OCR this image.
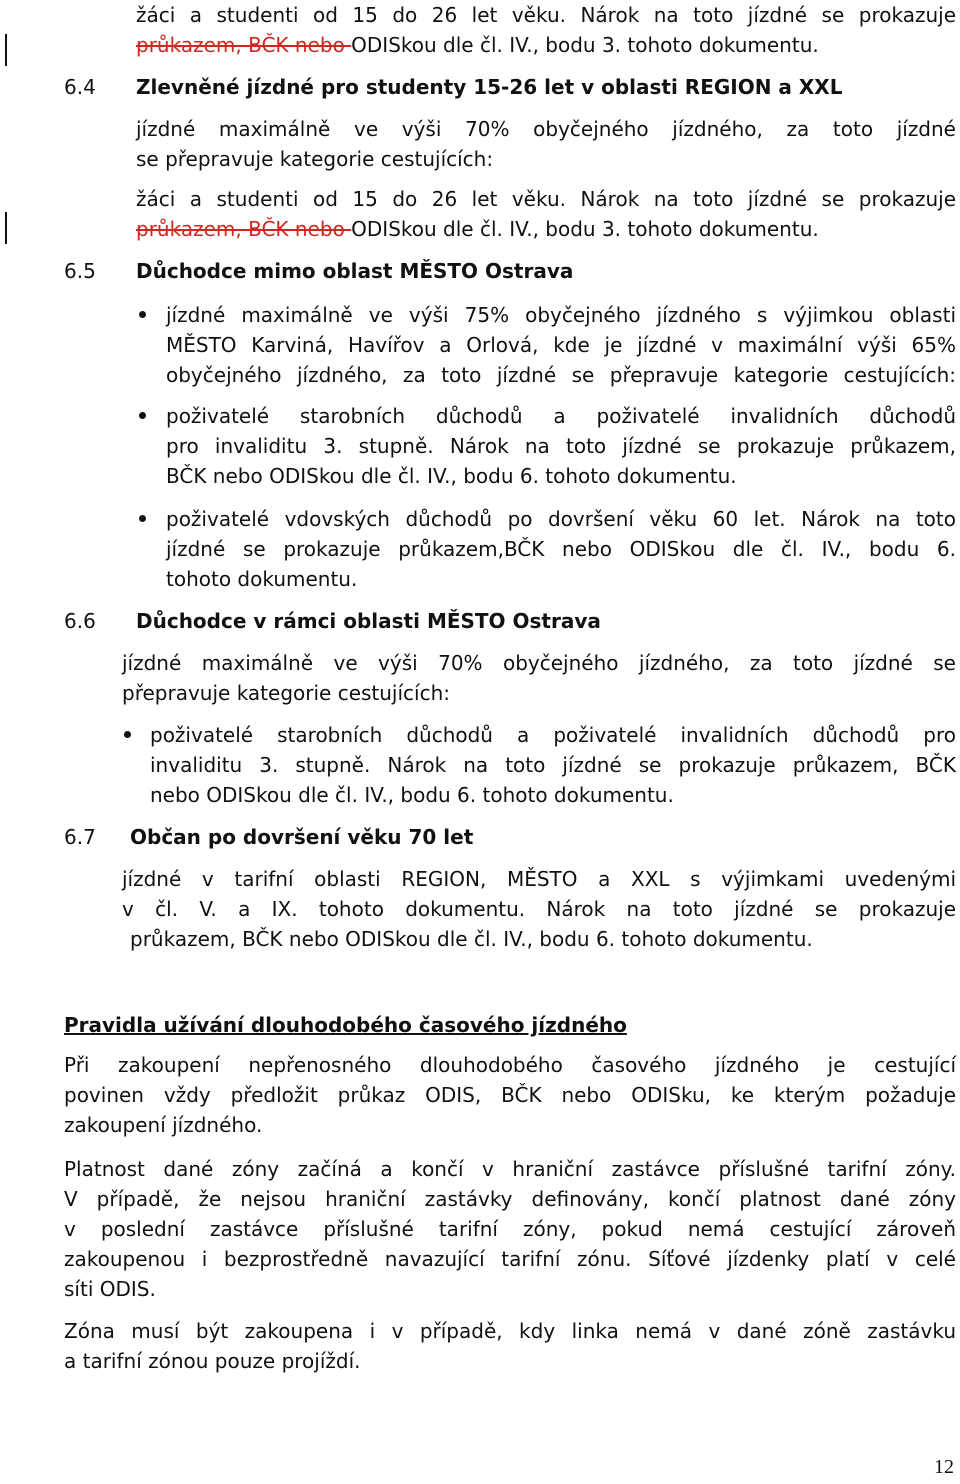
žáci a studenti od 15 do 26 let věku. Nárok na toto jízdné se prokazuje
průkazem, BČK nebo ODISkou dle čl. IV., bodu 3. tohoto dokumentu.
6.4 Zlevněné jízdné pro studenty 15-26 let v oblasti REGION a XXL
jízdné maximálně ve výši 70% obyčejného jízdného, za toto jízdné
se přepravuje kategorie cestujících:
žáci a studenti od 15 do 26 let věku. Nárok na toto jízdné se prokazuje
průkazem, BČK nebo ODISkou dle čl. IV., bodu 3. tohoto dokumentu.
6.5 Důchodce mimo oblast MĚSTO Ostrava
jízdné maximálně ve výši 75% obyčejného jízdného s výjimkou oblasti
MĚSTO Karviná, Havířov a Orlová, kde je jízdné v maximální výši 65%
obyčejného jízdného, za toto jízdné se přepravuje kategorie cestujících:
poživatelé starobních důchodů a poživatelé invalidních důchodů
pro invaliditu 3. stupně. Nárok na toto jízdné se prokazuje průkazem,
BČK nebo ODISkou dle čl. IV., bodu 6. tohoto dokumentu.
poživatelé vdovských důchodů po dovršení věku 60 let. Nárok na toto
jízdné se prokazuje průkazem,BČK nebo ODISkou dle čl. IV., bodu 6.
tohoto dokumentu.
6.6 Důchodce v rámci oblasti MĚSTO Ostrava
jízdné maximálně ve výši 70% obyčejného jízdného, za toto jízdné se
přepravuje kategorie cestujících:
poživatelé starobních důchodů a poživatelé invalidních důchodů pro
invaliditu 3. stupně. Nárok na toto jízdné se prokazuje průkazem, BČK
nebo ODISkou dle čl. IV., bodu 6. tohoto dokumentu.
6.7 Občan po dovršení věku 70 let
jízdné v tarifní oblasti REGION, MĚSTO a XXL s výjimkami uvedenými
v čl. V. a IX. tohoto dokumentu. Nárok na toto jízdné se prokazuje
průkazem, BČK nebo ODISkou dle čl. IV., bodu 6. tohoto dokumentu.
Pravidla užívání dlouhodobého časového jízdného
Při zakoupení nepřenosného dlouhodobého časového jízdného je cestující
povinen vždy předložit průkaz ODIS, BČK nebo ODISku, ke kterým požaduje
zakoupení jízdného.
Platnost dané zóny začíná a končí v hraniční zastávce příslušné tarifní zóny.
V případě, že nejsou hraniční zastávky definovány, končí platnost dané zóny
v poslední zastávce příslušné tarifní zóny, pokud nemá cestující zároveň
zakoupenou i bezprostředně navazující tarifní zónu. Síťové jízdenky platí v celé
síti ODIS.
Zóna musí být zakoupena i v případě, kdy linka nemá v dané zóně zastávku
a tarifní zónou pouze projíždí.
12
